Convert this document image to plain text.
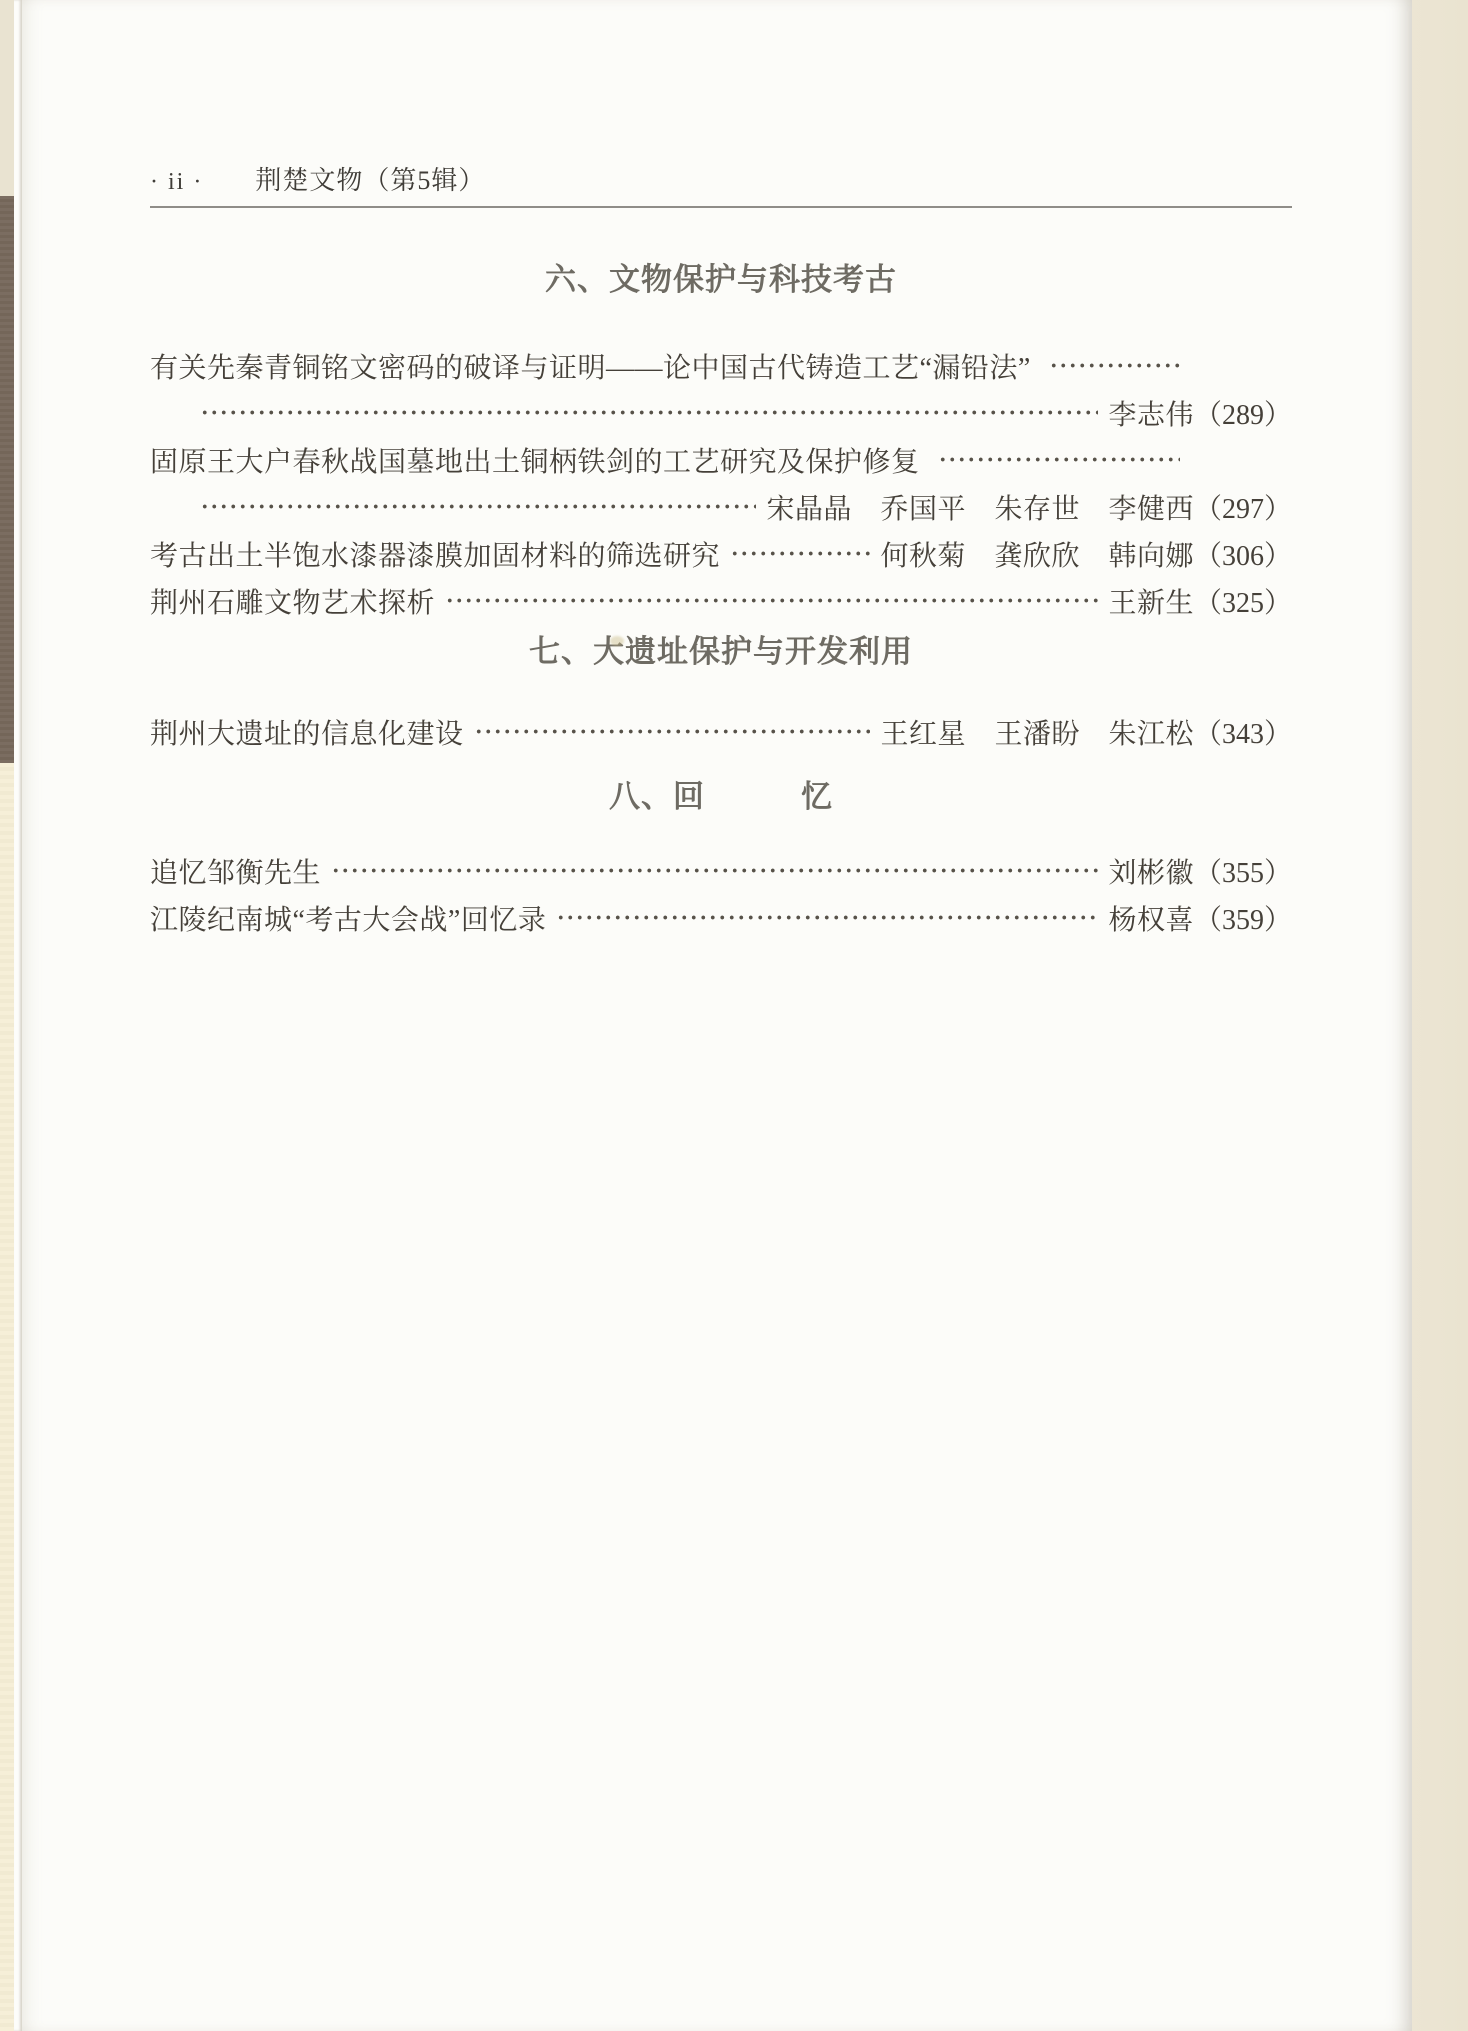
· ii · 荆楚文物（第5辑）
六、文物保护与科技考古
有关先秦青铜铭文密码的破译与证明——论中国古代铸造工艺“漏铅法”
李志伟 （289）
固原王大户春秋战国墓地出土铜柄铁剑的工艺研究及保护修复
宋晶晶　乔国平　朱存世　李健西 （297）
考古出土半饱水漆器漆膜加固材料的筛选研究	何秋菊　龚欣欣　韩向娜 （306）
荆州石雕文物艺术探析	王新生 （325）
七、大遗址保护与开发利用
荆州大遗址的信息化建设	王红星　王潘盼　朱江松 （343）
八、回　　　忆
追忆邹衡先生	刘彬徽 （355）
江陵纪南城“考古大会战”回忆录	杨权喜 （359）
